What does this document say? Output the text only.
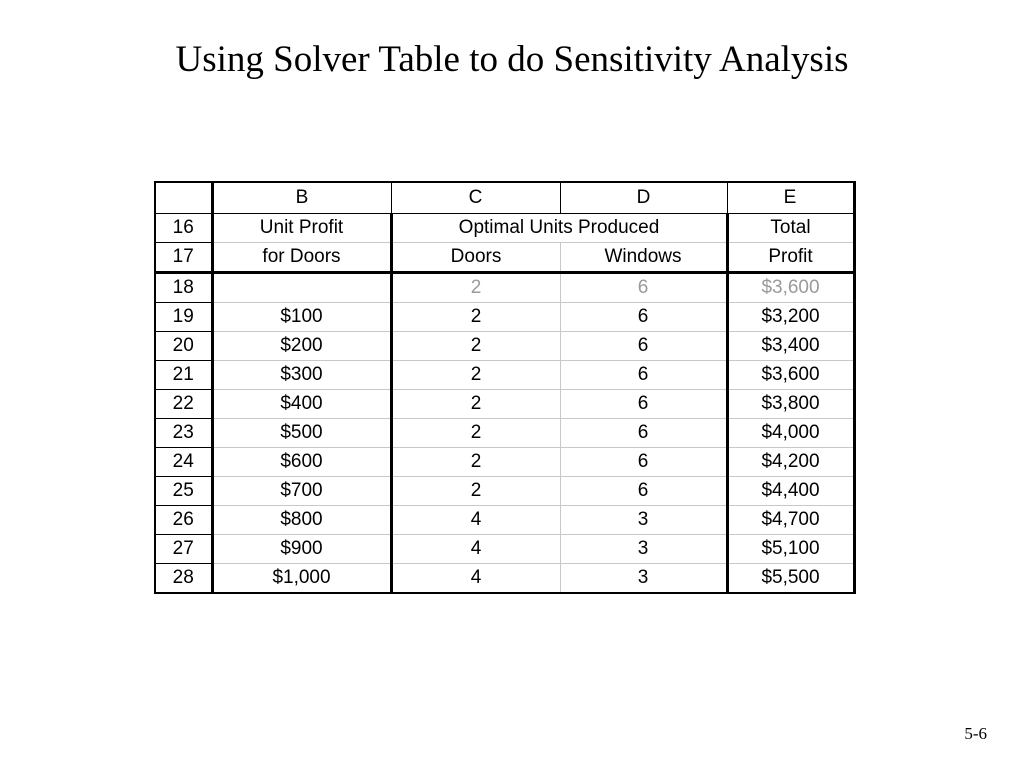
Using Solver Table to do Sensitivity Analysis
	B	C	D	E
16	Unit Profit	Optimal Units Produced		Total
17	for Doors	Doors	Windows	Profit
18		2	6	$3,600
19	$100	2	6	$3,200
20	$200	2	6	$3,400
21	$300	2	6	$3,600
22	$400	2	6	$3,800
23	$500	2	6	$4,000
24	$600	2	6	$4,200
25	$700	2	6	$4,400
26	$800	4	3	$4,700
27	$900	4	3	$5,100
28	$1,000	4	3	$5,500
5-6
